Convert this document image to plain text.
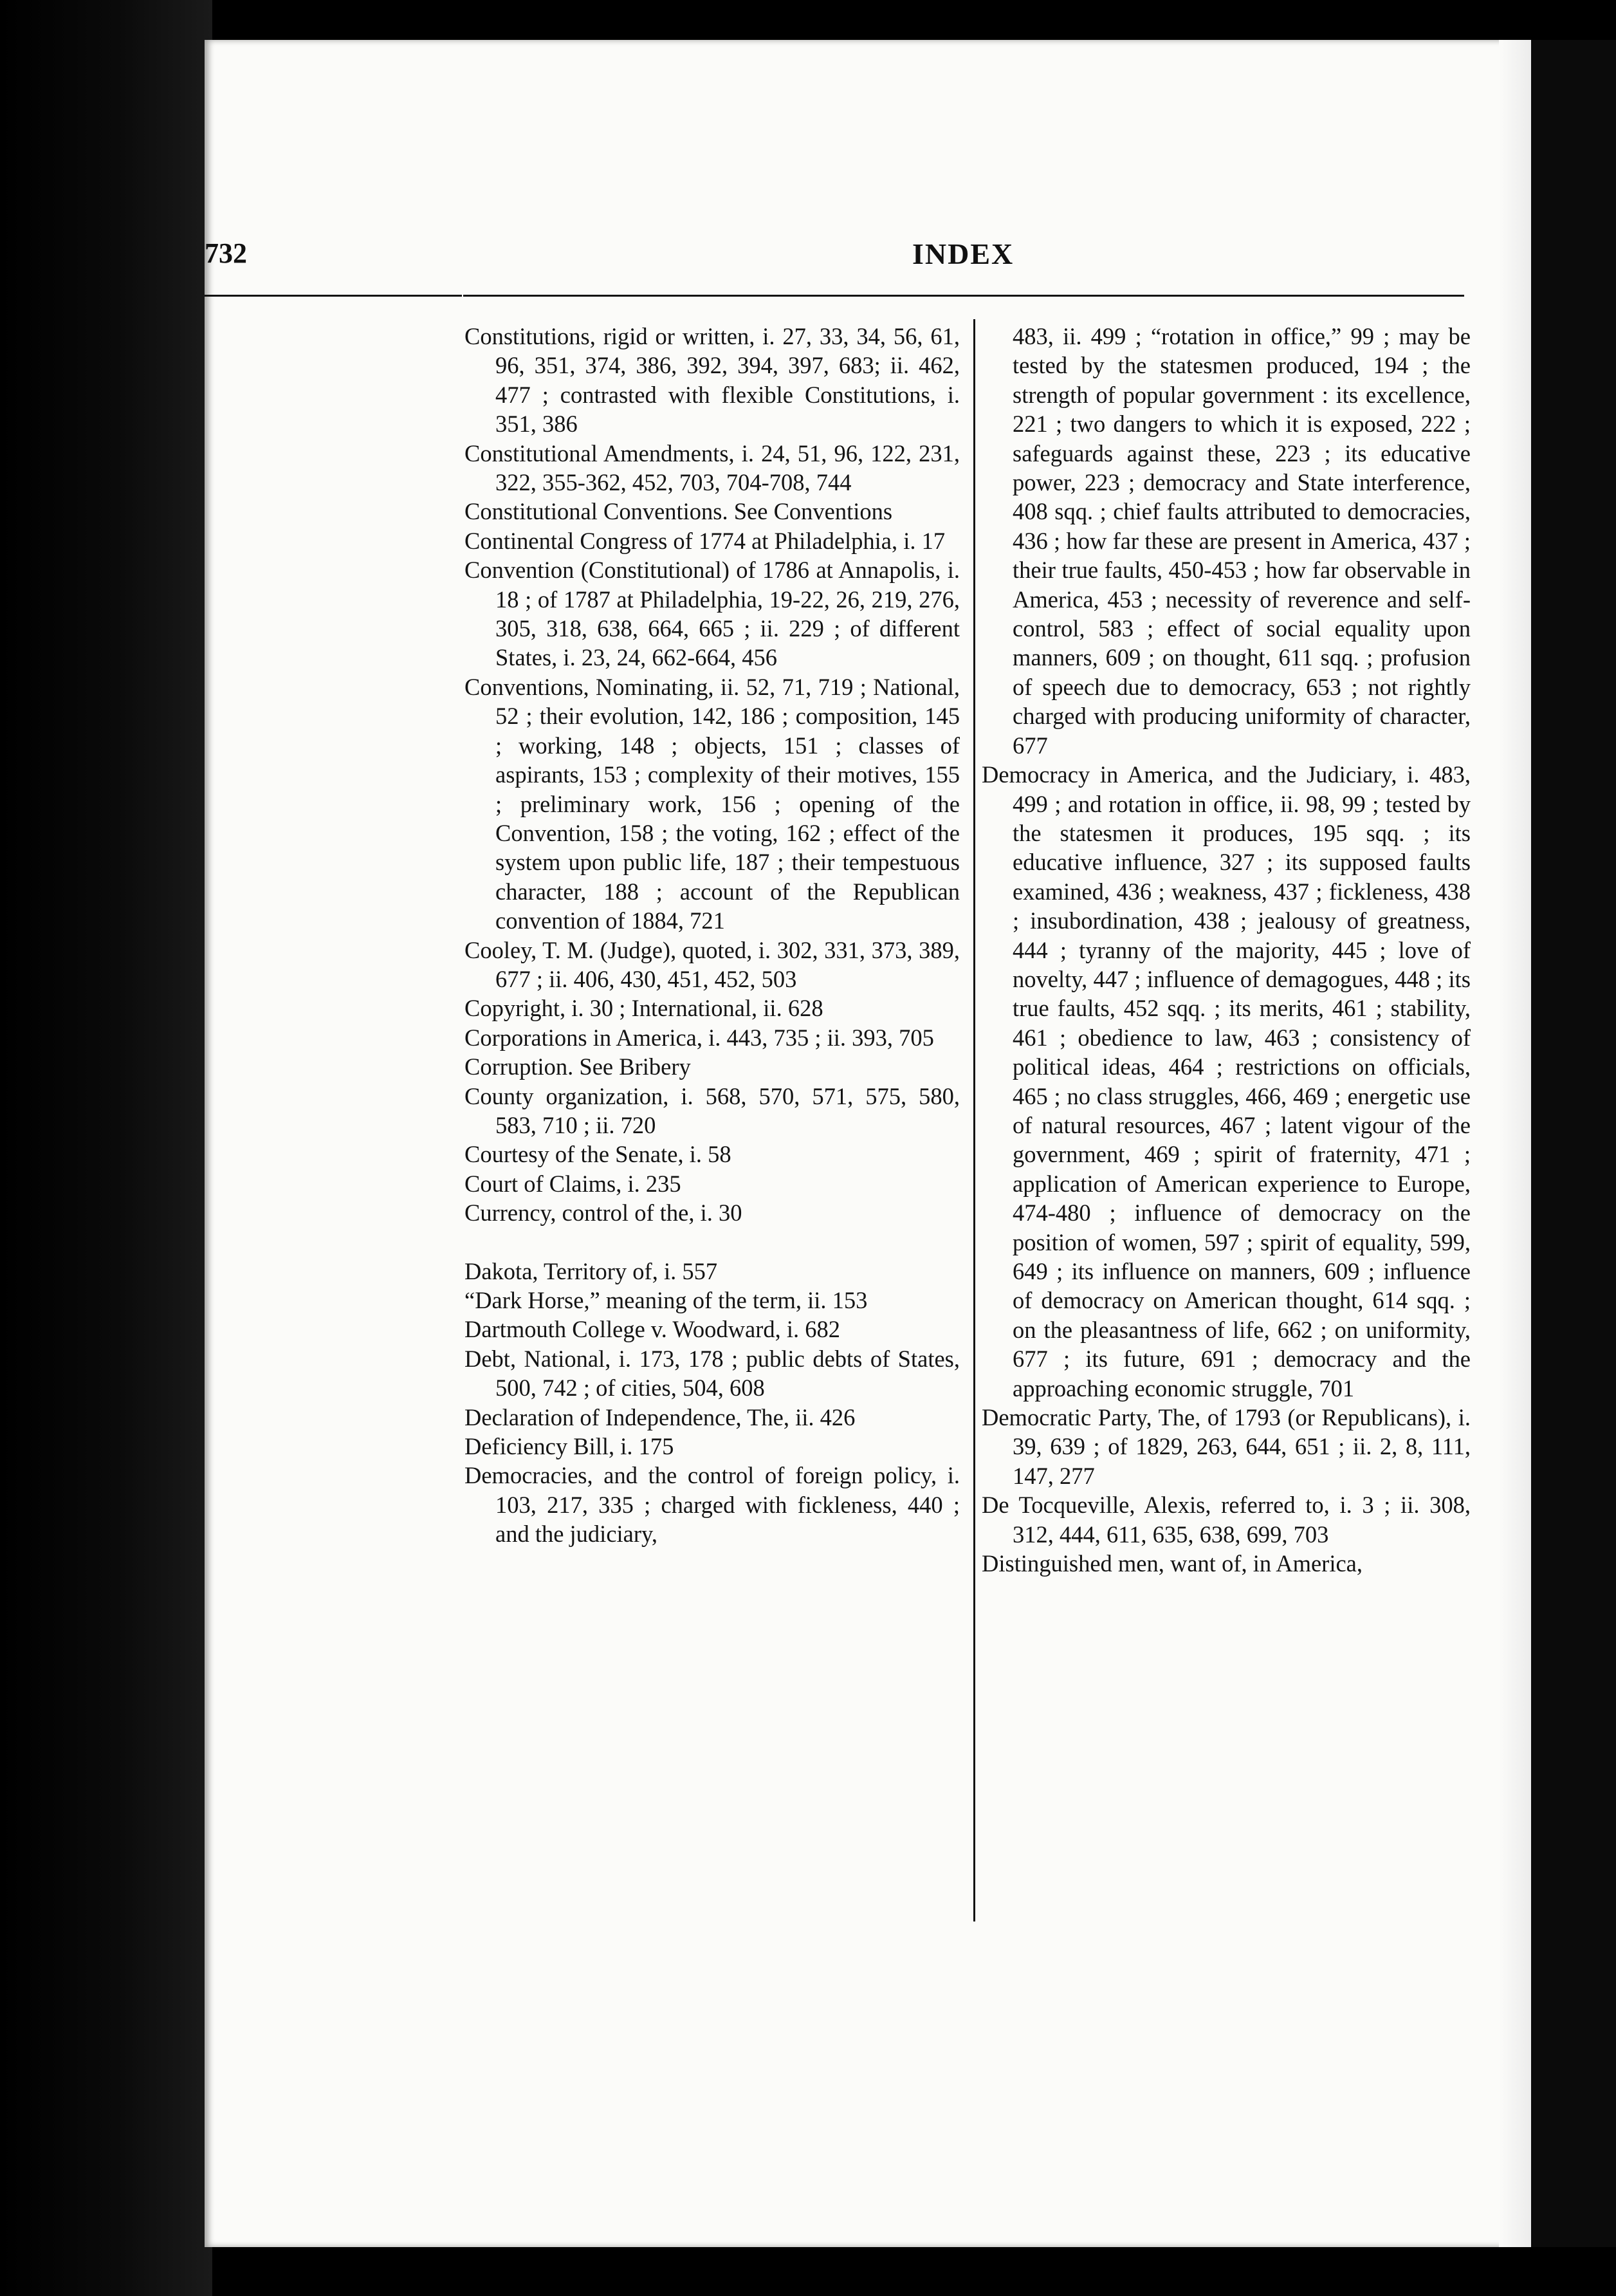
732	INDEX

Constitutions, rigid or written, i. 27, 33, 34, 56, 61, 96, 351, 374, 386, 392, 394, 397, 683; ii. 462, 477 ; contrasted with flexible Constitutions, i. 351, 386

Constitutional Amendments, i. 24, 51, 96, 122, 231, 322, 355-362, 452, 703, 704-708, 744

Constitutional Conventions. See Conventions

Continental Congress of 1774 at Philadelphia, i. 17

Convention (Constitutional) of 1786 at Annapolis, i. 18 ; of 1787 at Philadelphia, 19-22, 26, 219, 276, 305, 318, 638, 664, 665 ; ii. 229 ; of different States, i. 23, 24, 662-664, 456

Conventions, Nominating, ii. 52, 71, 719 ; National, 52 ; their evolution, 142, 186 ; composition, 145 ; working, 148 ; objects, 151 ; classes of aspirants, 153 ; complexity of their motives, 155 ; preliminary work, 156 ; opening of the Convention, 158 ; the voting, 162 ; effect of the system upon public life, 187 ; their tempestuous character, 188 ; account of the Republican convention of 1884, 721

Cooley, T. M. (Judge), quoted, i. 302, 331, 373, 389, 677 ; ii. 406, 430, 451, 452, 503

Copyright, i. 30 ; International, ii. 628

Corporations in America, i. 443, 735 ; ii. 393, 705

Corruption. See Bribery

County organization, i. 568, 570, 571, 575, 580, 583, 710 ; ii. 720

Courtesy of the Senate, i. 58

Court of Claims, i. 235

Currency, control of the, i. 30

Dakota, Territory of, i. 557

“Dark Horse,” meaning of the term, ii. 153

Dartmouth College v. Woodward, i. 682

Debt, National, i. 173, 178 ; public debts of States, 500, 742 ; of cities, 504, 608

Declaration of Independence, The, ii. 426

Deficiency Bill, i. 175

Democracies, and the control of foreign policy, i. 103, 217, 335 ; charged with fickleness, 440 ; and the judiciary,

483, ii. 499 ; “rotation in office,” 99 ; may be tested by the statesmen produced, 194 ; the strength of popular government : its excellence, 221 ; two dangers to which it is exposed, 222 ; safeguards against these, 223 ; its educative power, 223 ; democracy and State interference, 408 sqq. ; chief faults attributed to democracies, 436 ; how far these are present in America, 437 ; their true faults, 450-453 ; how far observable in America, 453 ; necessity of reverence and self-control, 583 ; effect of social equality upon manners, 609 ; on thought, 611 sqq. ; profusion of speech due to democracy, 653 ; not rightly charged with producing uniformity of character, 677

Democracy in America, and the Judiciary, i. 483, 499 ; and rotation in office, ii. 98, 99 ; tested by the statesmen it produces, 195 sqq. ; its educative influence, 327 ; its supposed faults examined, 436 ; weakness, 437 ; fickleness, 438 ; insubordination, 438 ; jealousy of greatness, 444 ; tyranny of the majority, 445 ; love of novelty, 447 ; influence of demagogues, 448 ; its true faults, 452 sqq. ; its merits, 461 ; stability, 461 ; obedience to law, 463 ; consistency of political ideas, 464 ; restrictions on officials, 465 ; no class struggles, 466, 469 ; energetic use of natural resources, 467 ; latent vigour of the government, 469 ; spirit of fraternity, 471 ; application of American experience to Europe, 474-480 ; influence of democracy on the position of women, 597 ; spirit of equality, 599, 649 ; its influence on manners, 609 ; influence of democracy on American thought, 614 sqq. ; on the pleasantness of life, 662 ; on uniformity, 677 ; its future, 691 ; democracy and the approaching economic struggle, 701

Democratic Party, The, of 1793 (or Republicans), i. 39, 639 ; of 1829, 263, 644, 651 ; ii. 2, 8, 111, 147, 277

De Tocqueville, Alexis, referred to, i. 3 ; ii. 308, 312, 444, 611, 635, 638, 699, 703

Distinguished men, want of, in America,
